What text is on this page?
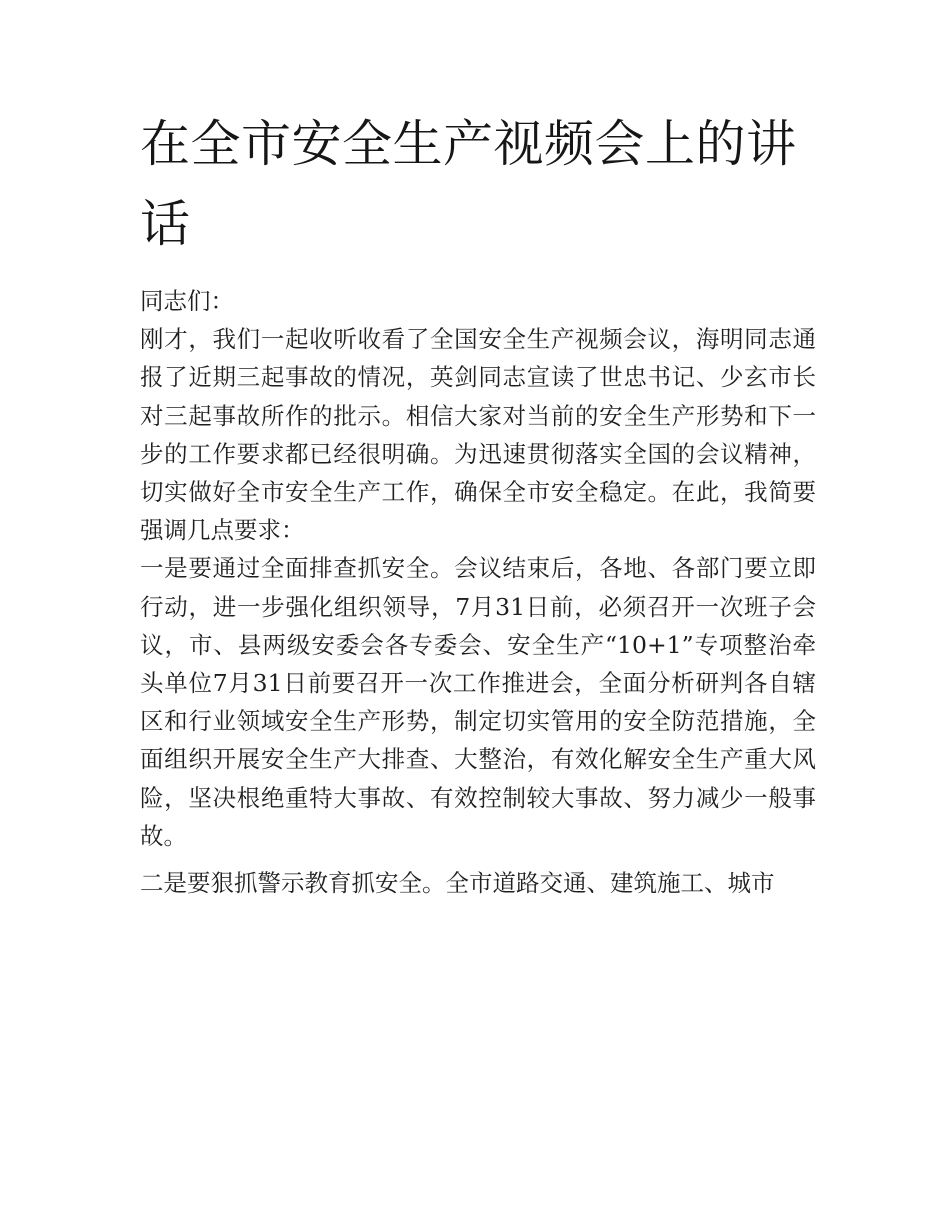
在全市安全生产视频会上的讲话

同志们：

刚才，我们一起收听收看了全国安全生产视频会议，海明同志通报了近期三起事故的情况，英剑同志宣读了世忠书记、少玄市长对三起事故所作的批示。相信大家对当前的安全生产形势和下一步的工作要求都已经很明确。为迅速贯彻落实全国的会议精神，切实做好全市安全生产工作，确保全市安全稳定。在此，我简要强调几点要求：

一是要通过全面排查抓安全。会议结束后，各地、各部门要立即行动，进一步强化组织领导，7月31日前，必须召开一次班子会议，市、县两级安委会各专委会、安全生产“10+1”专项整治牵头单位7月31日前要召开一次工作推进会，全面分析研判各自辖区和行业领域安全生产形势，制定切实管用的安全防范措施，全面组织开展安全生产大排查、大整治，有效化解安全生产重大风险，坚决根绝重特大事故、有效控制较大事故、努力减少一般事故。

二是要狠抓警示教育抓安全。全市道路交通、建筑施工、城市
